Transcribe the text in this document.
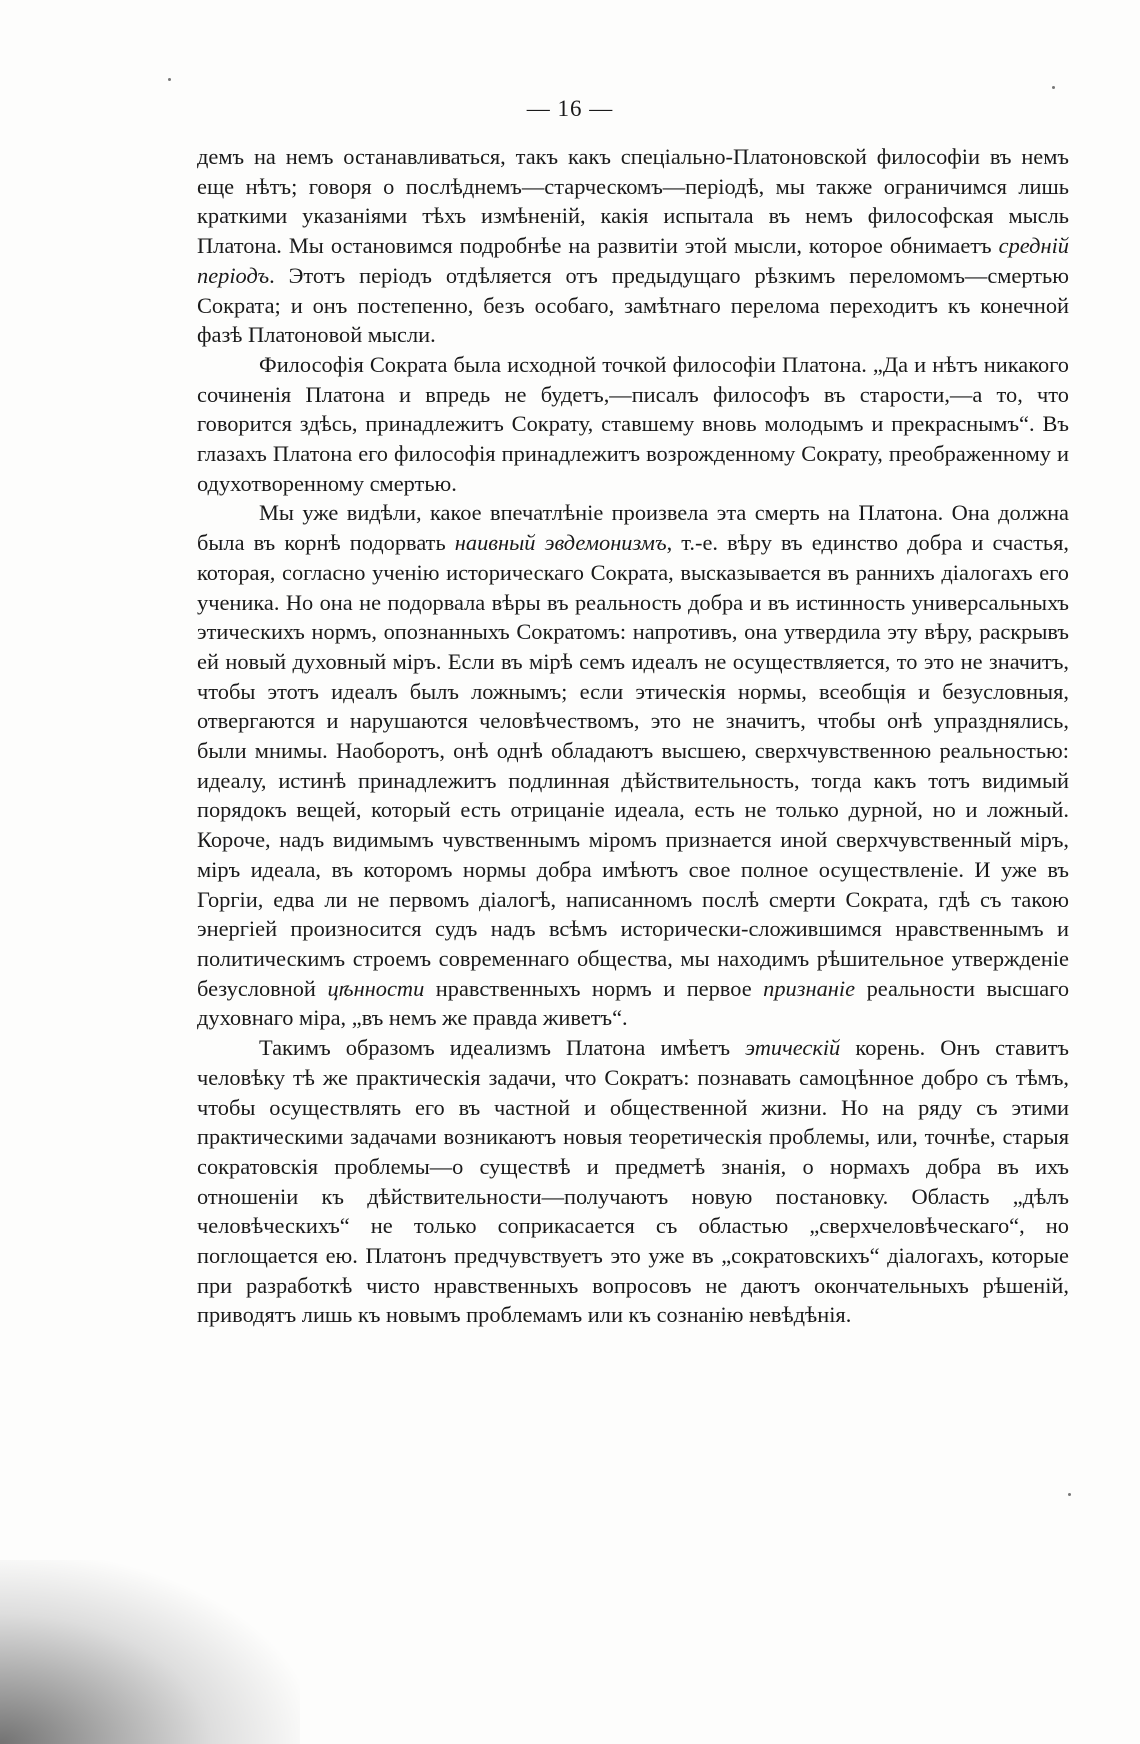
— 16 —

демъ на немъ останавливаться, такъ какъ спеціально-Платоновской философіи въ немъ еще нѣтъ; говоря о послѣднемъ—старческомъ—періодѣ, мы также ограничимся лишь краткими указаніями тѣхъ измѣненій, какія испытала въ немъ философская мысль Платона. Мы остановимся подробнѣе на развитіи этой мысли, которое обнимаетъ средній періодъ. Этотъ періодъ отдѣляется отъ предыдущаго рѣзкимъ переломомъ—смертью Сократа; и онъ постепенно, безъ особаго, замѣтнаго перелома переходитъ къ конечной фазѣ Платоновой мысли.

Философія Сократа была исходной точкой философіи Платона. „Да и нѣтъ никакого сочиненія Платона и впредь не будетъ,—писалъ философъ въ старости,—а то, что говорится здѣсь, принадлежитъ Сократу, ставшему вновь молодымъ и прекраснымъ“. Въ глазахъ Платона его философія принадлежитъ возрожденному Сократу, преображенному и одухотворенному смертью.

Мы уже видѣли, какое впечатлѣніе произвела эта смерть на Платона. Она должна была въ корнѣ подорвать наивный эвдемонизмъ, т.-е. вѣру въ единство добра и счастья, которая, согласно ученію историческаго Сократа, высказывается въ раннихъ діалогахъ его ученика. Но она не подорвала вѣры въ реальность добра и въ истинность универсальныхъ этическихъ нормъ, опознанныхъ Сократомъ: напротивъ, она утвердила эту вѣру, раскрывъ ей новый духовный міръ. Если въ мірѣ семъ идеалъ не осуществляется, то это не значитъ, чтобы этотъ идеалъ былъ ложнымъ; если этическія нормы, всеобщія и безусловныя, отвергаются и нарушаются человѣчествомъ, это не значитъ, чтобы онѣ упразднялись, были мнимы. Наоборотъ, онѣ однѣ обладаютъ высшею, сверхчувственною реальностью: идеалу, истинѣ принадлежитъ подлинная дѣйствительность, тогда какъ тотъ видимый порядокъ вещей, который есть отрицаніе идеала, есть не только дурной, но и ложный. Короче, надъ видимымъ чувственнымъ міромъ признается иной сверхчувственный міръ, міръ идеала, въ которомъ нормы добра имѣютъ свое полное осуществленіе. И уже въ Горгіи, едва ли не первомъ діалогѣ, написанномъ послѣ смерти Сократа, гдѣ съ такою энергіей произносится судъ надъ всѣмъ исторически-сложившимся нравственнымъ и политическимъ строемъ современнаго общества, мы находимъ рѣшительное утвержденіе безусловной цѣнности нравственныхъ нормъ и первое признаніе реальности высшаго духовнаго міра, „въ немъ же правда живетъ“.

Такимъ образомъ идеализмъ Платона имѣетъ этическій корень. Онъ ставитъ человѣку тѣ же практическія задачи, что Сократъ: познавать самоцѣнное добро съ тѣмъ, чтобы осуществлять его въ частной и общественной жизни. Но на ряду съ этими практическими задачами возникаютъ новыя теоретическія проблемы, или, точнѣе, старыя сократовскія проблемы—о существѣ и предметѣ знанія, о нормахъ добра въ ихъ отношеніи къ дѣйствительности—получаютъ новую постановку. Область „дѣлъ человѣческихъ“ не только соприкасается съ областью „сверхчеловѣческаго“, но поглощается ею. Платонъ предчувствуетъ это уже въ „сократовскихъ“ діалогахъ, которые при разработкѣ чисто нравственныхъ вопросовъ не даютъ окончательныхъ рѣшеній, приводятъ лишь къ новымъ проблемамъ или къ сознанію невѣдѣнія.
